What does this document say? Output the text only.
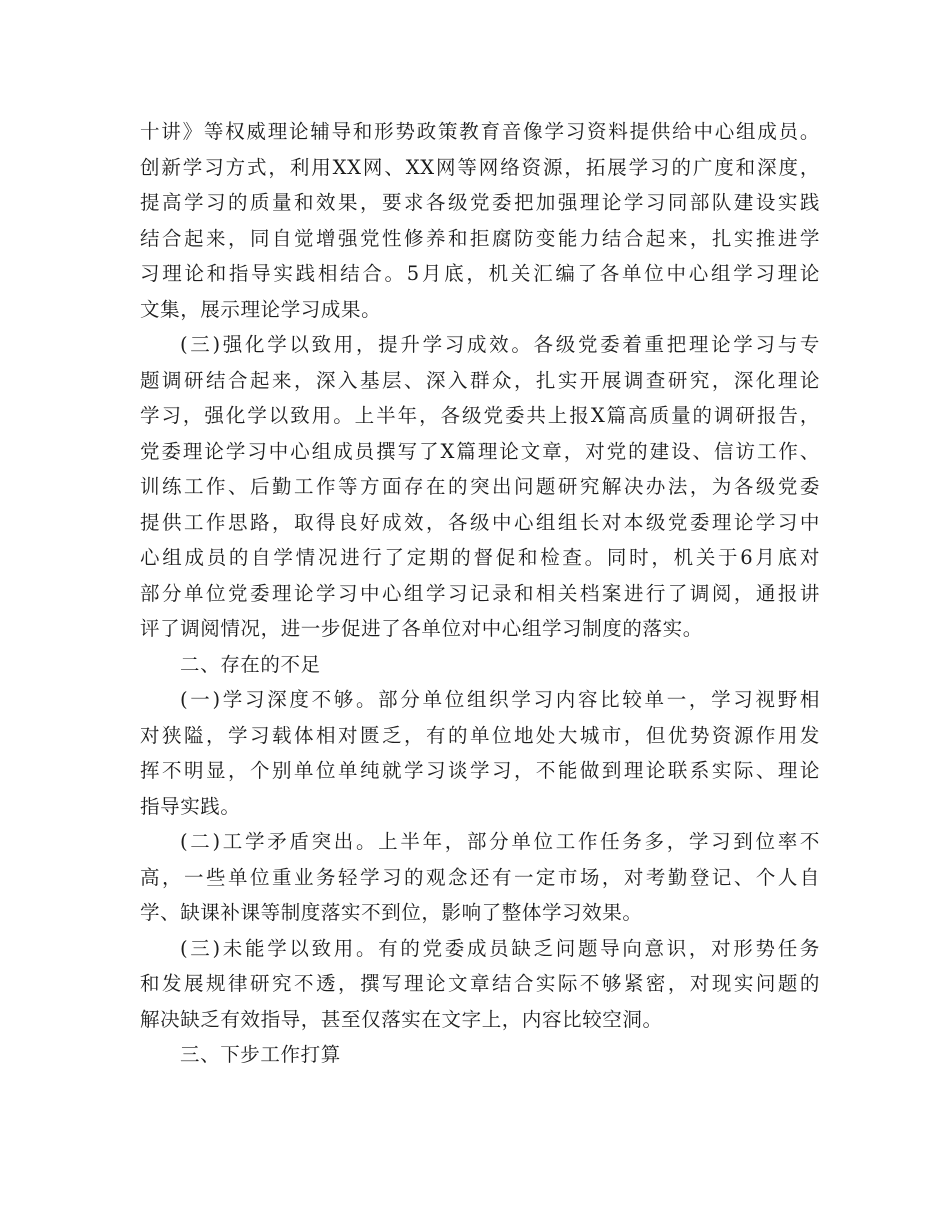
十讲》等权威理论辅导和形势政策教育音像学习资料提供给中心组成员。
创新学习方式，利用XX网、XX网等网络资源，拓展学习的广度和深度，
提高学习的质量和效果，要求各级党委把加强理论学习同部队建设实践
结合起来，同自觉增强党性修养和拒腐防变能力结合起来，扎实推进学
习理论和指导实践相结合。5月底，机关汇编了各单位中心组学习理论
文集，展示理论学习成果。
(三)强化学以致用，提升学习成效。各级党委着重把理论学习与专
题调研结合起来，深入基层、深入群众，扎实开展调查研究，深化理论
学习，强化学以致用。上半年，各级党委共上报X篇高质量的调研报告，
党委理论学习中心组成员撰写了X篇理论文章，对党的建设、信访工作、
训练工作、后勤工作等方面存在的突出问题研究解决办法，为各级党委
提供工作思路，取得良好成效，各级中心组组长对本级党委理论学习中
心组成员的自学情况进行了定期的督促和检查。同时，机关于6月底对
部分单位党委理论学习中心组学习记录和相关档案进行了调阅，通报讲
评了调阅情况，进一步促进了各单位对中心组学习制度的落实。
二、存在的不足
(一)学习深度不够。部分单位组织学习内容比较单一，学习视野相
对狭隘，学习载体相对匮乏，有的单位地处大城市，但优势资源作用发
挥不明显，个别单位单纯就学习谈学习，不能做到理论联系实际、理论
指导实践。
(二)工学矛盾突出。上半年，部分单位工作任务多，学习到位率不
高，一些单位重业务轻学习的观念还有一定市场，对考勤登记、个人自
学、缺课补课等制度落实不到位，影响了整体学习效果。
(三)未能学以致用。有的党委成员缺乏问题导向意识，对形势任务
和发展规律研究不透，撰写理论文章结合实际不够紧密，对现实问题的
解决缺乏有效指导，甚至仅落实在文字上，内容比较空洞。
三、下步工作打算
